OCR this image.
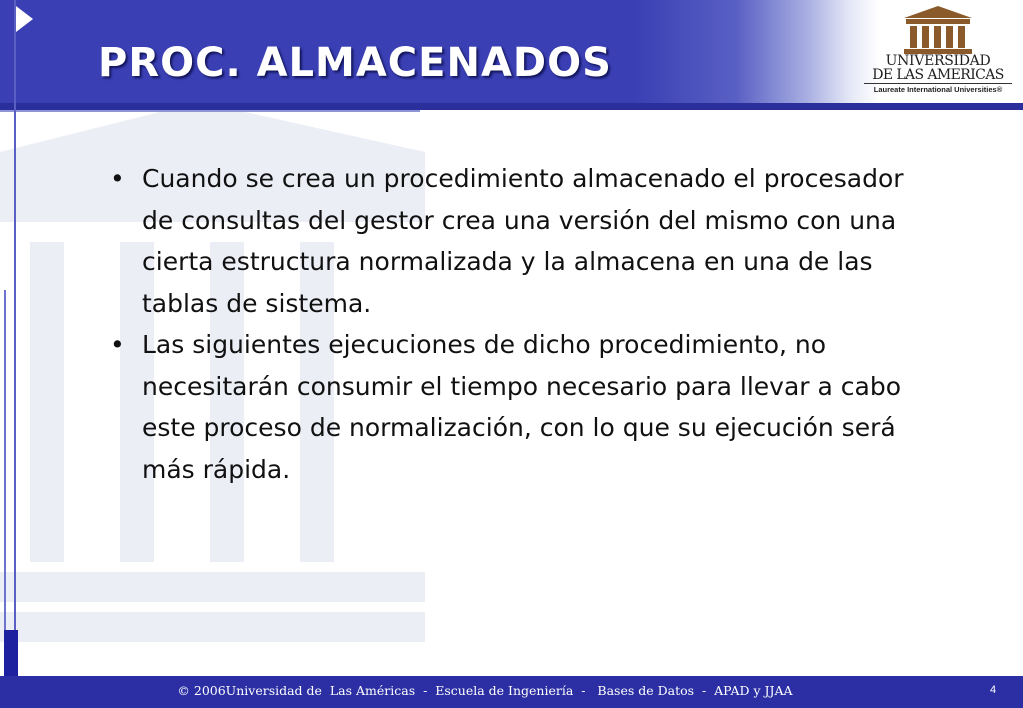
PROC. ALMACENADOS	UNIVERSIDAD
DE LAS AMERICAS
Laureate International Universities®
• Cuando se crea un procedimiento almacenado el procesador de consultas del gestor crea una versión del mismo con una cierta estructura normalizada y la almacena en una de las tablas de sistema.
• Las siguientes ejecuciones de dicho procedimiento, no necesitarán consumir el tiempo necesario para llevar a cabo este proceso de normalización, con lo que su ejecución será más rápida.
© 2006Universidad de  Las Américas  -  Escuela de Ingeniería  -   Bases de Datos  -  APAD y JJAA	4
